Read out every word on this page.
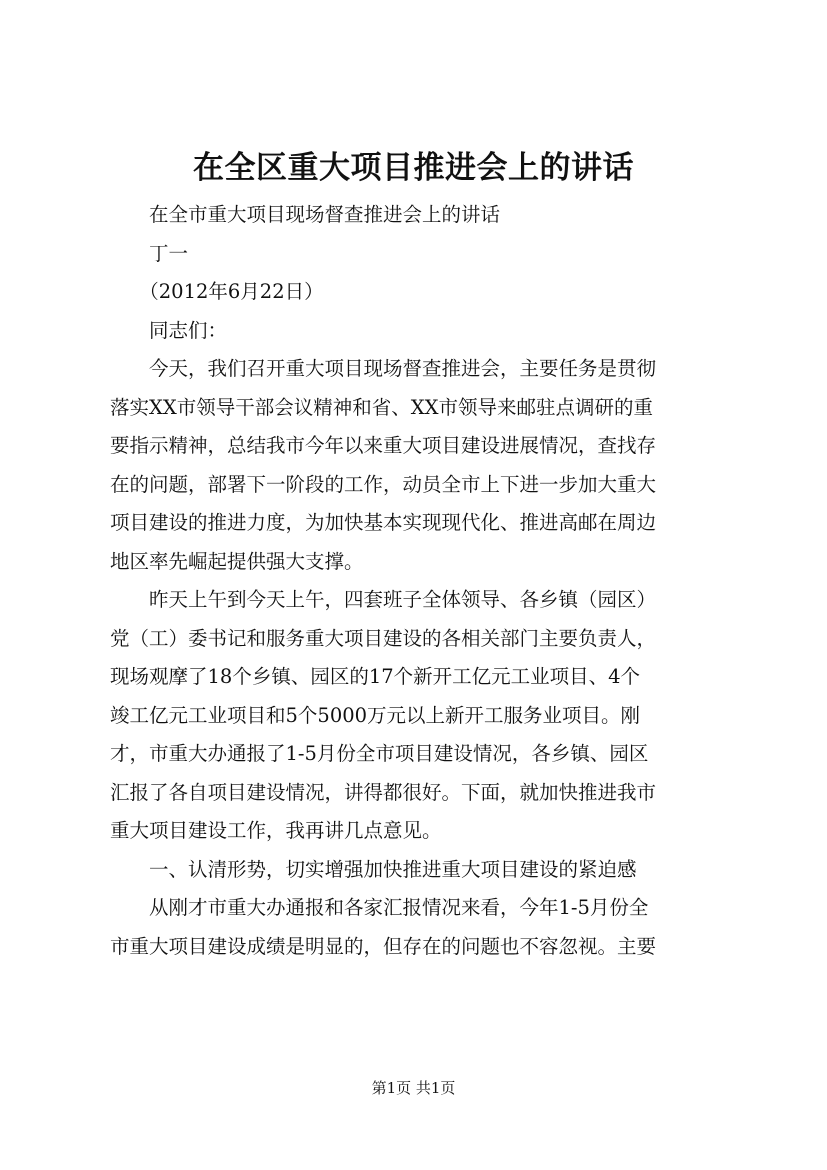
在全区重大项目推进会上的讲话
　　在全市重大项目现场督查推进会上的讲话
　　丁一
　　（2012年6月22日）
　　同志们：
　　今天，我们召开重大项目现场督查推进会，主要任务是贯彻
落实XX市领导干部会议精神和省、XX市领导来邮驻点调研的重
要指示精神，总结我市今年以来重大项目建设进展情况，查找存
在的问题，部署下一阶段的工作，动员全市上下进一步加大重大
项目建设的推进力度，为加快基本实现现代化、推进高邮在周边
地区率先崛起提供强大支撑。
　　昨天上午到今天上午，四套班子全体领导、各乡镇（园区）
党（工）委书记和服务重大项目建设的各相关部门主要负责人，
现场观摩了18个乡镇、园区的17个新开工亿元工业项目、4个
竣工亿元工业项目和5个5000万元以上新开工服务业项目。刚
才，市重大办通报了1-5月份全市项目建设情况，各乡镇、园区
汇报了各自项目建设情况，讲得都很好。下面，就加快推进我市
重大项目建设工作，我再讲几点意见。
　　一、认清形势，切实增强加快推进重大项目建设的紧迫感
　　从刚才市重大办通报和各家汇报情况来看，今年1-5月份全
市重大项目建设成绩是明显的，但存在的问题也不容忽视。主要
第1页 共1页
